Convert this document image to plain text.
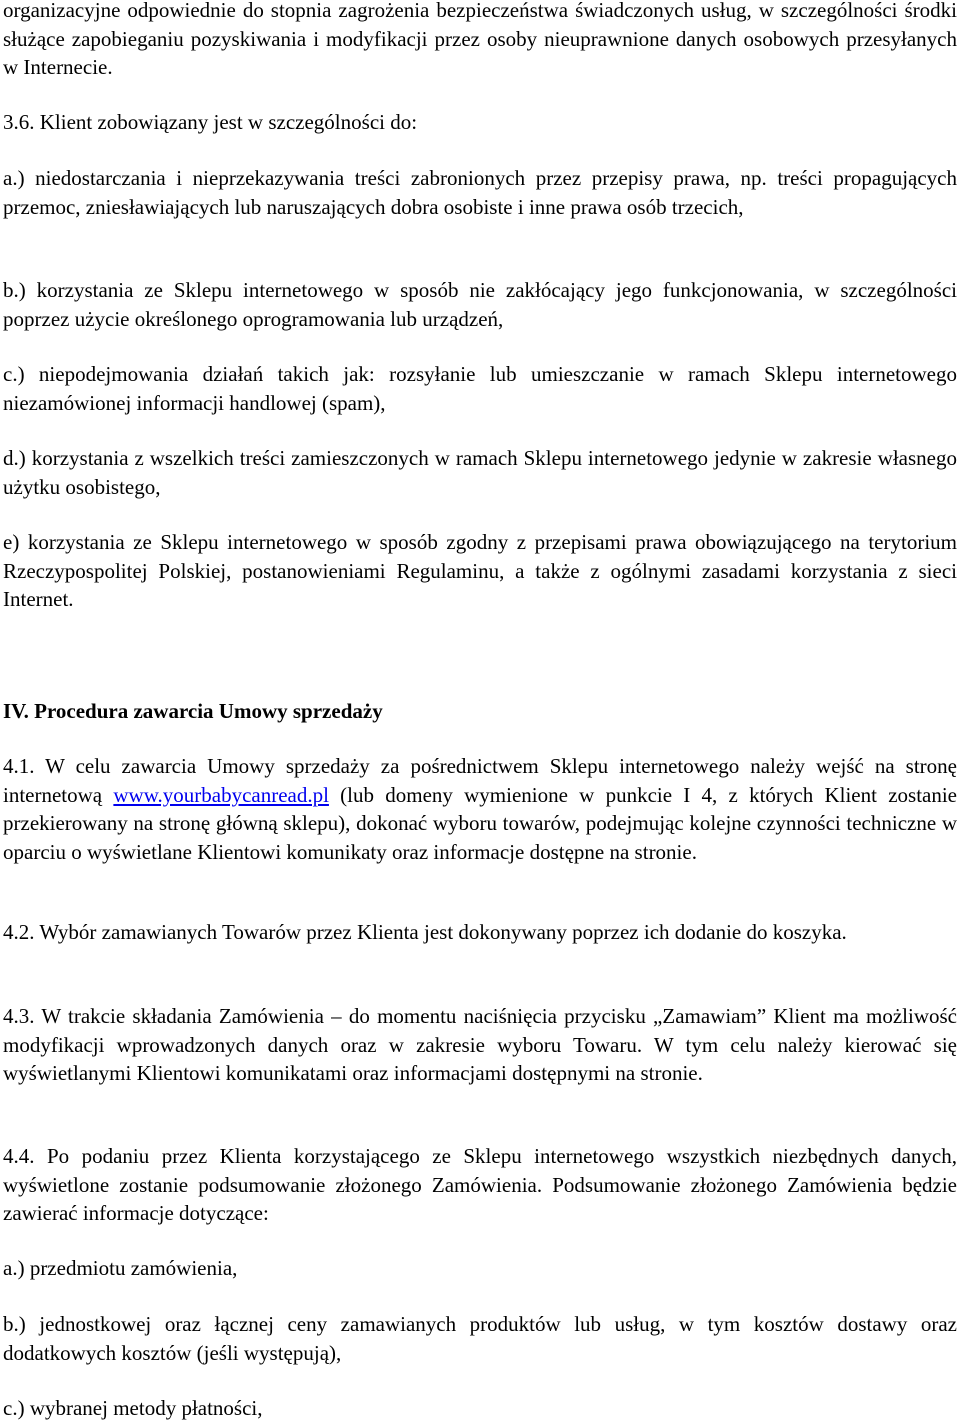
organizacyjne odpowiednie do stopnia zagrożenia bezpieczeństwa świadczonych usług, w szczególności środki służące zapobieganiu pozyskiwania i modyfikacji przez osoby nieuprawnione danych osobowych przesyłanych w Internecie.

3.6. Klient zobowiązany jest w szczególności do:

a.) niedostarczania i nieprzekazywania treści zabronionych przez przepisy prawa, np. treści propagujących przemoc, zniesławiających lub naruszających dobra osobiste i inne prawa osób trzecich,

b.) korzystania ze Sklepu internetowego w sposób nie zakłócający jego funkcjonowania, w szczególności poprzez użycie określonego oprogramowania lub urządzeń,

c.) niepodejmowania działań takich jak: rozsyłanie lub umieszczanie w ramach Sklepu internetowego niezamówionej informacji handlowej (spam),

d.) korzystania z wszelkich treści zamieszczonych w ramach Sklepu internetowego jedynie w zakresie własnego użytku osobistego,

e) korzystania ze Sklepu internetowego w sposób zgodny z przepisami prawa obowiązującego na terytorium Rzeczypospolitej Polskiej, postanowieniami Regulaminu, a także z ogólnymi zasadami korzystania z sieci Internet.

IV. Procedura zawarcia Umowy sprzedaży

4.1. W celu zawarcia Umowy sprzedaży za pośrednictwem Sklepu internetowego należy wejść na stronę internetową www.yourbabycanread.pl (lub domeny wymienione w punkcie I 4, z których Klient zostanie przekierowany na stronę główną sklepu), dokonać wyboru towarów, podejmując kolejne czynności techniczne w oparciu o wyświetlane Klientowi komunikaty oraz informacje dostępne na stronie.

4.2. Wybór zamawianych Towarów przez Klienta jest dokonywany poprzez ich dodanie do koszyka.

4.3. W trakcie składania Zamówienia – do momentu naciśnięcia przycisku „Zamawiam” Klient ma możliwość modyfikacji wprowadzonych danych oraz w zakresie wyboru Towaru. W tym celu należy kierować się wyświetlanymi Klientowi komunikatami oraz informacjami dostępnymi na stronie.

4.4. Po podaniu przez Klienta korzystającego ze Sklepu internetowego wszystkich niezbędnych danych, wyświetlone zostanie podsumowanie złożonego Zamówienia. Podsumowanie złożonego Zamówienia będzie zawierać informacje dotyczące:

a.) przedmiotu zamówienia,

b.) jednostkowej oraz łącznej ceny zamawianych produktów lub usług, w tym kosztów dostawy oraz dodatkowych kosztów (jeśli występują),

c.) wybranej metody płatności,
